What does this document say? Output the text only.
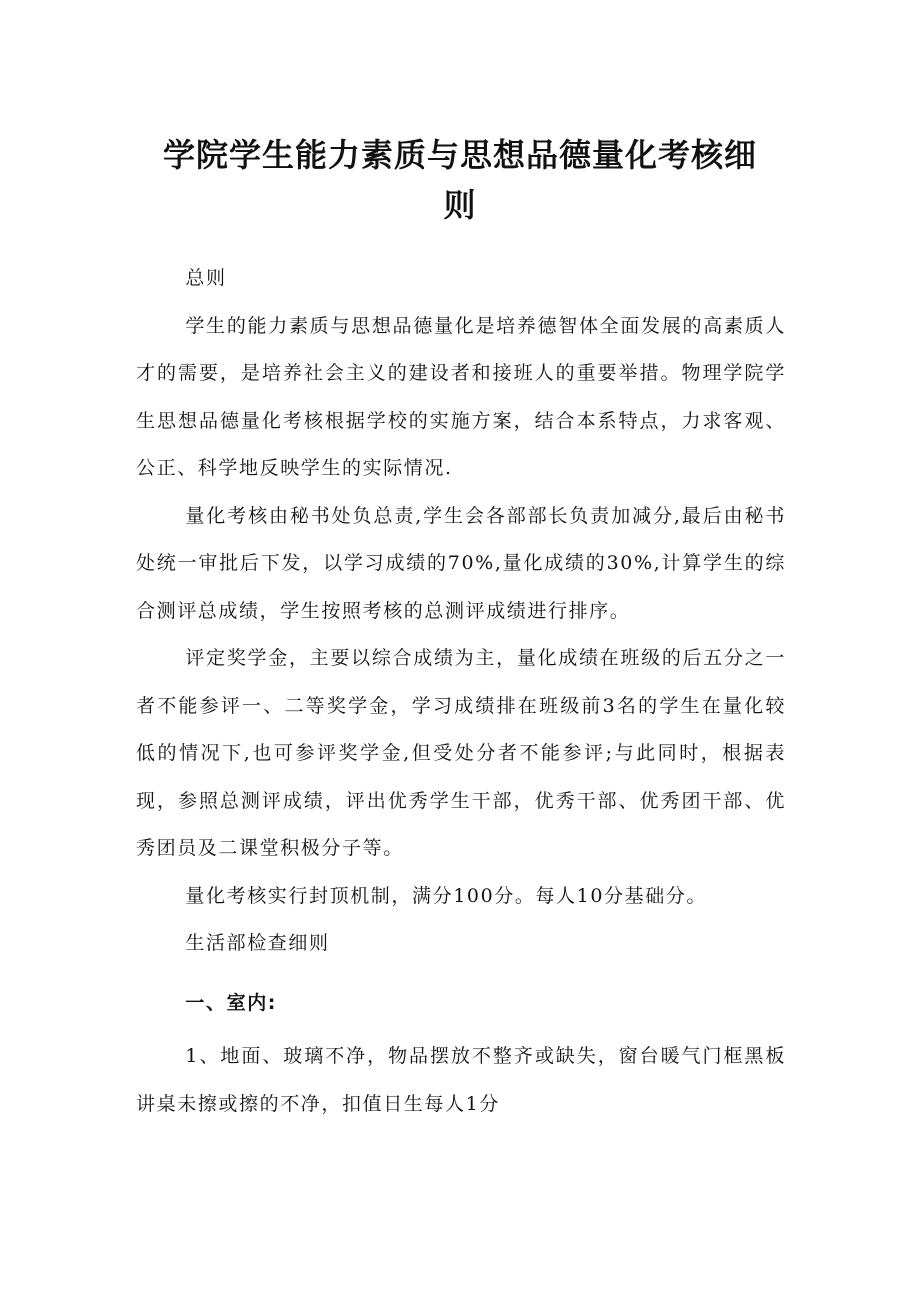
学院学生能力素质与思想品德量化考核细
则

总则

学生的能力素质与思想品德量化是培养德智体全面发展的高素质人才的需要，是培养社会主义的建设者和接班人的重要举措。物理学院学生思想品德量化考核根据学校的实施方案，结合本系特点，力求客观、公正、科学地反映学生的实际情况.

量化考核由秘书处负总责,学生会各部部长负责加减分,最后由秘书处统一审批后下发，以学习成绩的70%,量化成绩的30%,计算学生的综合测评总成绩，学生按照考核的总测评成绩进行排序。

评定奖学金，主要以综合成绩为主，量化成绩在班级的后五分之一者不能参评一、二等奖学金，学习成绩排在班级前3名的学生在量化较低的情况下,也可参评奖学金,但受处分者不能参评;与此同时，根据表现，参照总测评成绩，评出优秀学生干部，优秀干部、优秀团干部、优秀团员及二课堂积极分子等。

量化考核实行封顶机制，满分100分。每人10分基础分。

生活部检查细则

一、室内:

1、地面、玻璃不净，物品摆放不整齐或缺失，窗台暖气门框黑板讲桌未擦或擦的不净，扣值日生每人1分
